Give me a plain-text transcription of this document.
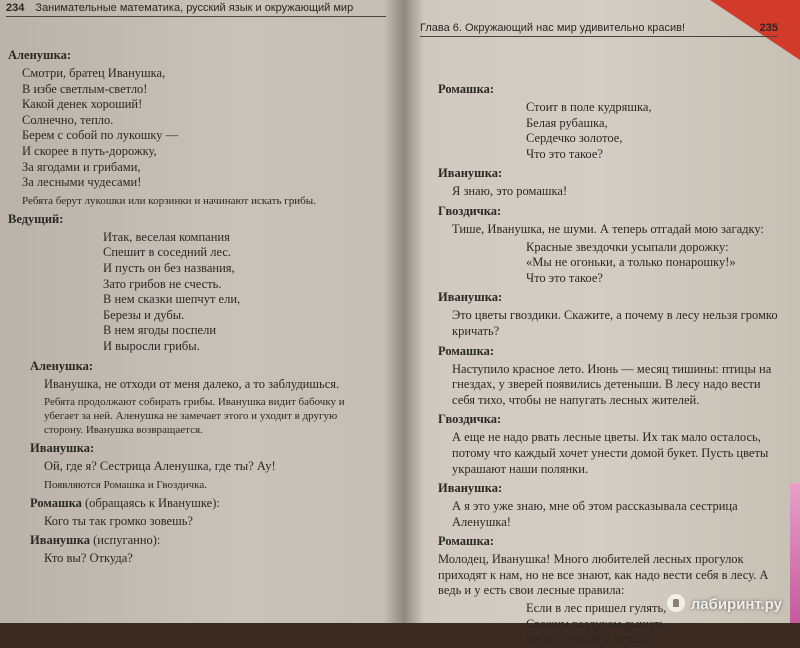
234 Занимательные математика, русский язык и окружающий мир
Аленушка:
Смотри, братец Иванушка,
В избе светлым-светло!
Какой денек хороший!
Солнечно, тепло.
Берем с собой по лукошку —
И скорее в путь-дорожку,
За ягодами и грибами,
За лесными чудесами!
Ребята берут лукошки или корзинки и начинают искать грибы.
Ведущий:
Итак, веселая компания
Спешит в соседний лес.
И пусть он без названия,
Зато грибов не счесть.
В нем сказки шепчут ели,
Березы и дубы.
В нем ягоды поспели
И выросли грибы.
Аленушка:
Иванушка, не отходи от меня далеко, а то заблудишься.
Ребята продолжают собирать грибы. Иванушка видит бабочку и убегает за ней. Аленушка не замечает этого и уходит в другую сторону. Иванушка возвращается.
Иванушка:
Ой, где я? Сестрица Аленушка, где ты? Ау!
Появляются Ромашка и Гвоздичка.
Ромашка (обращаясь к Иванушке):
Кого ты так громко зовешь?
Иванушка (испуганно):
Кто вы? Откуда?
Глава 6. Окружающий нас мир удивительно красив!	235
Ромашка:
Стоит в поле кудряшка,
Белая рубашка,
Сердечко золотое,
Что это такое?
Иванушка:
Я знаю, это ромашка!
Гвоздичка:
Тише, Иванушка, не шуми. А теперь отгадай мою загадку:
Красные звездочки усыпали дорожку:
«Мы не огоньки, а только понарошку!»
Что это такое?
Иванушка:
Это цветы гвоздики. Скажите, а почему в лесу нельзя громко кричать?
Ромашка:
Наступило красное лето. Июнь — месяц тишины: птицы на гнездах, у зверей появились детеныши. В лесу надо вести себя тихо, чтобы не напугать лесных жителей.
Гвоздичка:
А еще не надо рвать лесные цветы. Их так мало осталось, потому что каждый хочет унести домой букет. Пусть цветы украшают наши полянки.
Иванушка:
А я это уже знаю, мне об этом рассказывала сестрица Аленушка!
Ромашка:
Молодец, Иванушка! Много любителей лесных прогулок приходят к нам, но не все знают, как надо вести себя в лесу. А ведь и у есть свои лесные правила:
Если в лес пришел гулять,
Свежим воздухом дышать,
Бегай, прыгай и играй,
лабиринт.ру
